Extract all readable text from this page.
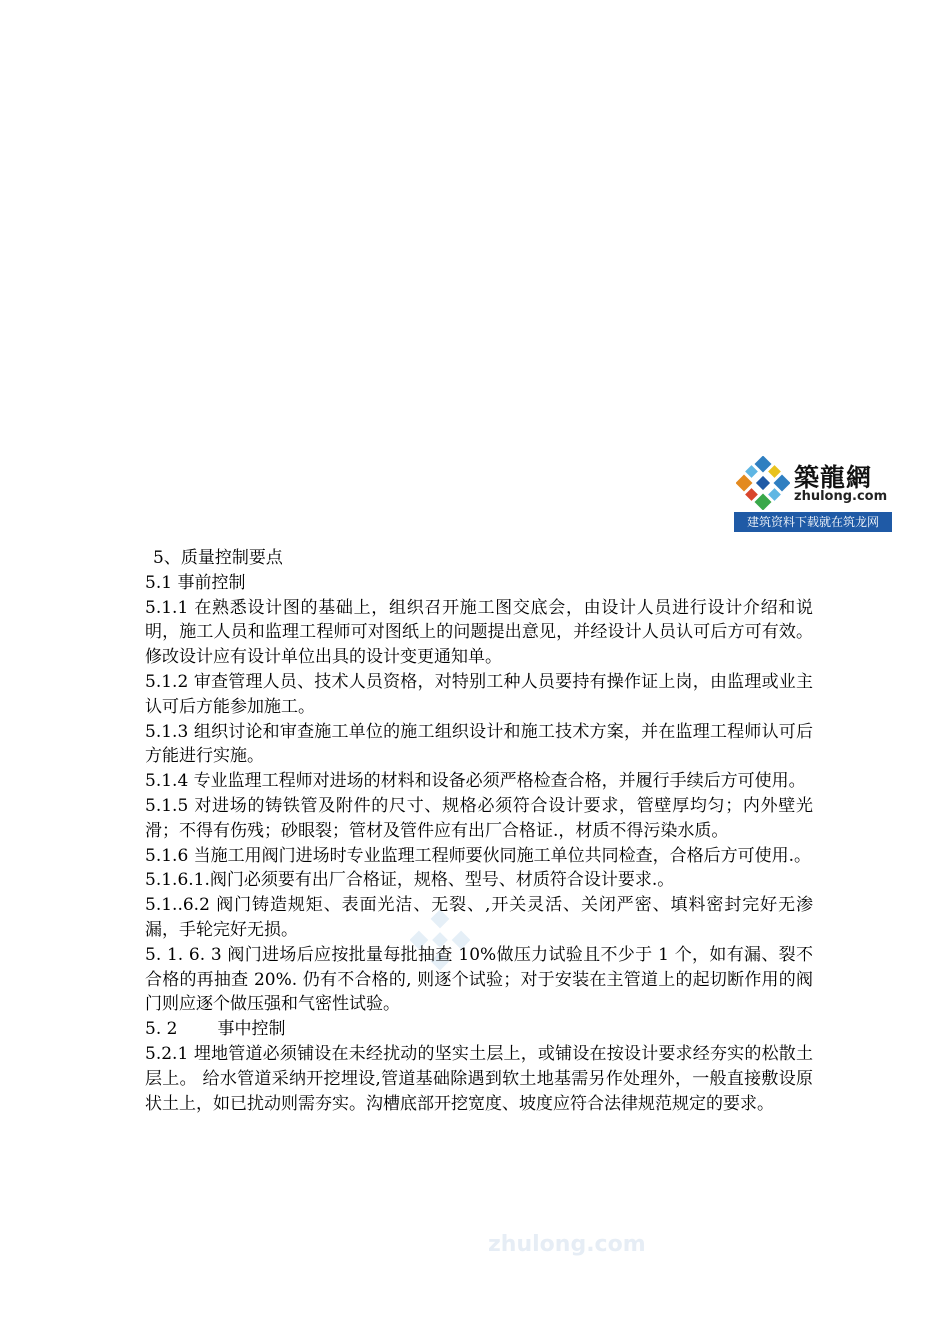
築龍網
zhulong.com
建筑资料下载就在筑龙网
zhulong.com

5、质量控制要点

5.1 事前控制

5.1.1 在熟悉设计图的基础上，组织召开施工图交底会，由设计人员进行设计介绍和说明，施工人员和监理工程师可对图纸上的问题提出意见，并经设计人员认可后方可有效。修改设计应有设计单位出具的设计变更通知单。

5.1.2 审查管理人员、技术人员资格，对特别工种人员要持有操作证上岗，由监理或业主认可后方能参加施工。

5.1.3 组织讨论和审查施工单位的施工组织设计和施工技术方案，并在监理工程师认可后方能进行实施。

5.1.4 专业监理工程师对进场的材料和设备必须严格检查合格，并履行手续后方可使用。

5.1.5 对进场的铸铁管及附件的尺寸、规格必须符合设计要求，管壁厚均匀；内外壁光滑；不得有伤残；砂眼裂；管材及管件应有出厂合格证.，材质不得污染水质。

5.1.6 当施工用阀门进场时专业监理工程师要伙同施工单位共同检查，合格后方可使用.。

5.1.6.1.阀门必须要有出厂合格证，规格、型号、材质符合设计要求.。

5.1..6.2 阀门铸造规矩、表面光洁、无裂、,开关灵活、关闭严密、填料密封完好无渗漏，手轮完好无损。

5. 1. 6. 3 阀门进场后应按批量每批抽查 10%做压力试验且不少于 1 个，如有漏、裂不合格的再抽查 20%. 仍有不合格的, 则逐个试验；对于安装在主管道上的起切断作用的阀门则应逐个做压强和气密性试验。

5. 2 事中控制

5.2.1 埋地管道必须铺设在未经扰动的坚实土层上，或铺设在按设计要求经夯实的松散土层上。 给水管道采纳开挖埋设,管道基础除遇到软土地基需另作处理外，一般直接敷设原状土上，如已扰动则需夯实。沟槽底部开挖宽度、坡度应符合法律规范规定的要求。
